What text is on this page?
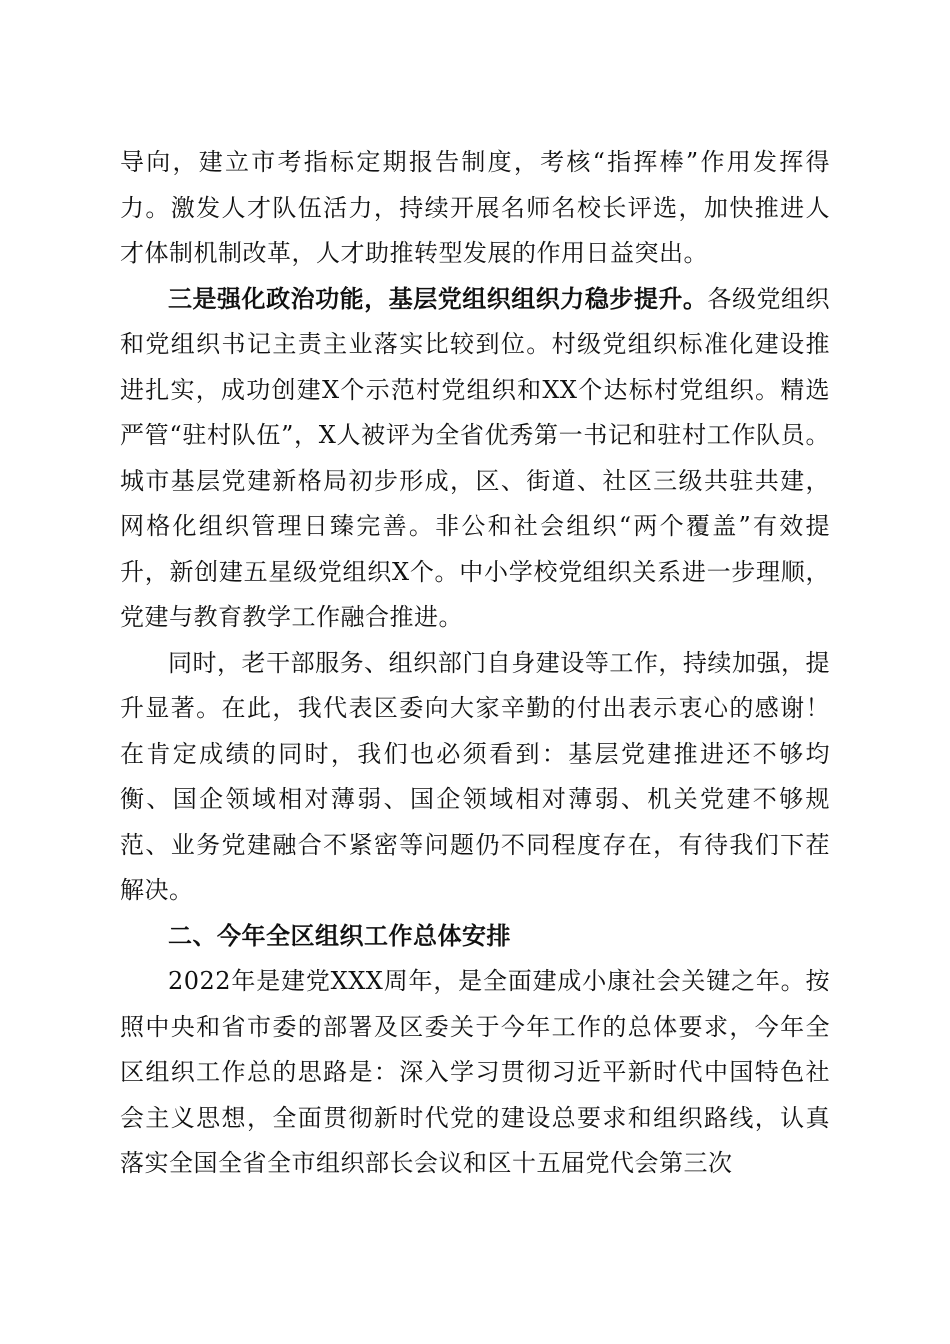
导向，建立市考指标定期报告制度，考核“指挥棒”作用发挥得力。激发人才队伍活力，持续开展名师名校长评选，加快推进人才体制机制改革，人才助推转型发展的作用日益突出。

三是强化政治功能，基层党组织组织力稳步提升。各级党组织和党组织书记主责主业落实比较到位。村级党组织标准化建设推进扎实，成功创建X个示范村党组织和XX个达标村党组织。精选严管“驻村队伍”，X人被评为全省优秀第一书记和驻村工作队员。城市基层党建新格局初步形成，区、街道、社区三级共驻共建，网格化组织管理日臻完善。非公和社会组织“两个覆盖”有效提升，新创建五星级党组织X个。中小学校党组织关系进一步理顺，党建与教育教学工作融合推进。

同时，老干部服务、组织部门自身建设等工作，持续加强，提升显著。在此，我代表区委向大家辛勤的付出表示衷心的感谢！在肯定成绩的同时，我们也必须看到：基层党建推进还不够均衡、国企领域相对薄弱、国企领域相对薄弱、机关党建不够规范、业务党建融合不紧密等问题仍不同程度存在，有待我们下茬解决。

二、今年全区组织工作总体安排

2022年是建党XXX周年，是全面建成小康社会关键之年。按照中央和省市委的部署及区委关于今年工作的总体要求，今年全区组织工作总的思路是：深入学习贯彻习近平新时代中国特色社会主义思想，全面贯彻新时代党的建设总要求和组织路线，认真落实全国全省全市组织部长会议和区十五届党代会第三次
